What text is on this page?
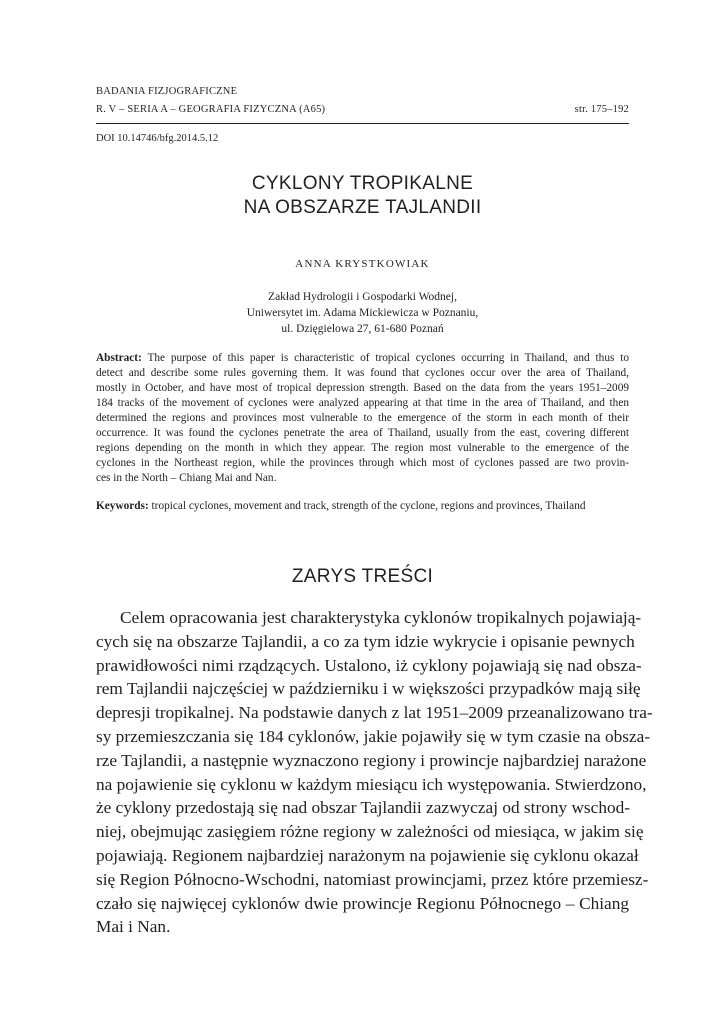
BADANIA FIZJOGRAFICZNE
R. V – SERIA A – GEOGRAFIA FIZYCZNA (A65)	str. 175–192
DOI 10.14746/bfg.2014.5.12
CYKLONY TROPIKALNE
NA OBSZARZE TAJLANDII
ANNA KRYSTKOWIAK
Zakład Hydrologii i Gospodarki Wodnej,
Uniwersytet im. Adama Mickiewicza w Poznaniu,
ul. Dzięgielowa 27, 61-680 Poznań
Abstract: The purpose of this paper is characteristic of tropical cyclones occurring in Thailand, and thus to
detect and describe some rules governing them. It was found that cyclones occur over the area of Thailand,
mostly in October, and have most of tropical depression strength. Based on the data from the years 1951–2009
184 tracks of the movement of cyclones were analyzed appearing at that time in the area of Thailand, and then
determined the regions and provinces most vulnerable to the emergence of the storm in each month of their
occurrence. It was found the cyclones penetrate the area of Thailand, usually from the east, covering different
regions depending on the month in which they appear. The region most vulnerable to the emergence of the
cyclones in the Northeast region, while the provinces through which most of cyclones passed are two provin-
ces in the North – Chiang Mai and Nan.
Keywords: tropical cyclones, movement and track, strength of the cyclone, regions and provinces, Thailand
ZARYS TREŚCI
Celem opracowania jest charakterystyka cyklonów tropikalnych pojawiają-
cych się na obszarze Tajlandii, a co za tym idzie wykrycie i opisanie pewnych
prawidłowości nimi rządzących. Ustalono, iż cyklony pojawiają się nad obsza-
rem Tajlandii najczęściej w październiku i w większości przypadków mają siłę
depresji tropikalnej. Na podstawie danych z lat 1951–2009 przeanalizowano tra-
sy przemieszczania się 184 cyklonów, jakie pojawiły się w tym czasie na obsza-
rze Tajlandii, a następnie wyznaczono regiony i prowincje najbardziej narażone
na pojawienie się cyklonu w każdym miesiącu ich występowania. Stwierdzono,
że cyklony przedostają się nad obszar Tajlandii zazwyczaj od strony wschod-
niej, obejmując zasięgiem różne regiony w zależności od miesiąca, w jakim się
pojawiają. Regionem najbardziej narażonym na pojawienie się cyklonu okazał
się Region Północno-Wschodni, natomiast prowincjami, przez które przemiesz-
czało się najwięcej cyklonów dwie prowincje Regionu Północnego – Chiang
Mai i Nan.
